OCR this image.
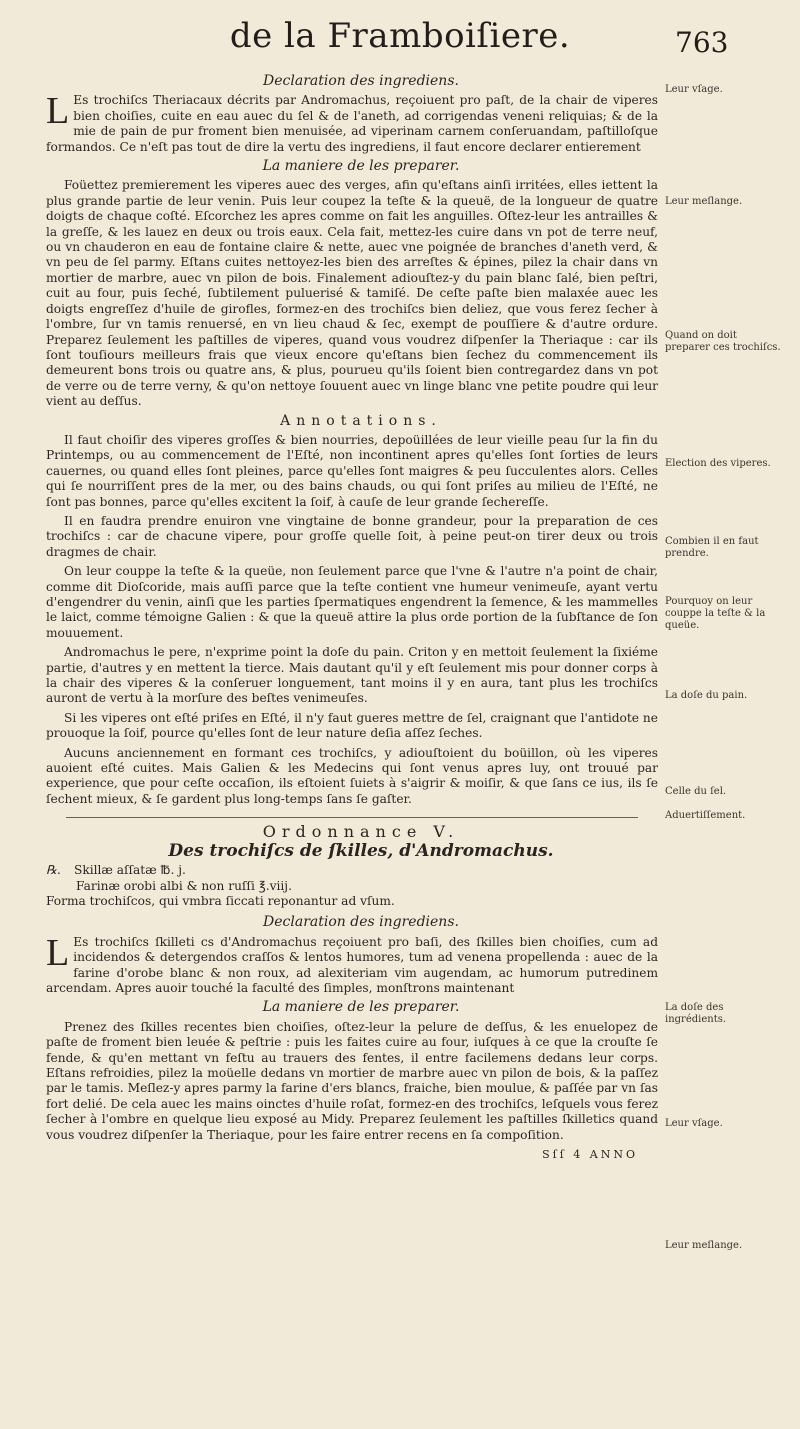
de la Framboiſiere.	763

Declaration des ingrediens.

L Es trochiſcs Theriacaux décrits par Andromachus, reçoiuent pro paſt, de la chair de viperes bien choiſies, cuite en eau auec du ſel & de l'aneth, ad corrigendas veneni reliquias; & de la mie de pain de pur froment bien menuisée, ad viperinam carnem conſeruandam, paſtilloſque formandos. Ce n'eſt pas tout de dire la vertu des ingrediens, il faut encore declarer entierement

La maniere de les preparer.

Foüettez premierement les viperes auec des verges, afin qu'eſtans ainſi irritées, elles iettent la plus grande partie de leur venin. Puis leur coupez la teſte & la queuë, de la longueur de quatre doigts de chaque coſté. Eſcorchez les apres comme on fait les anguilles. Oſtez-leur les antrailles & la greſſe, & les lauez en deux ou trois eaux. Cela fait, mettez-les cuire dans vn pot de terre neuf, ou vn chauderon en eau de fontaine claire & nette, auec vne poignée de branches d'aneth verd, & vn peu de ſel parmy. Eſtans cuites nettoyez-les bien des arreſtes & épines, pilez la chair dans vn mortier de marbre, auec vn pilon de bois. Finalement adiouſtez-y du pain blanc ſalé, bien peſtri, cuit au four, puis ſeché, ſubtilement puluerisé & tamiſé. De ceſte paſte bien malaxée auec les doigts engreſſez d'huile de girofles, formez-en des trochiſcs bien deliez, que vous ferez ſecher à l'ombre, ſur vn tamis renuersé, en vn lieu chaud & ſec, exempt de pouſſiere & d'autre ordure. Preparez ſeulement les paſtilles de viperes, quand vous voudrez diſpenſer la Theriaque : car ils ſont touſiours meilleurs frais que vieux encore qu'eſtans bien ſechez du commencement ils demeurent bons trois ou quatre ans, & plus, pourueu qu'ils ſoient bien contregardez dans vn pot de verre ou de terre verny, & qu'on nettoye ſouuent auec vn linge blanc vne petite poudre qui leur vient au deſſus.

Annotations.

Il faut choiſir des viperes groſſes & bien nourries, depoüillées de leur vieille peau ſur la fin du Printemps, ou au commencement de l'Eſté, non incontinent apres qu'elles ſont ſorties de leurs cauernes, ou quand elles ſont pleines, parce qu'elles ſont maigres & peu ſucculentes alors. Celles qui ſe nourriſſent pres de la mer, ou des bains chauds, ou qui ſont priſes au milieu de l'Eſté, ne ſont pas bonnes, parce qu'elles excitent la ſoif, à cauſe de leur grande ſechereſſe.

Il en faudra prendre enuiron vne vingtaine de bonne grandeur, pour la preparation de ces trochiſcs : car de chacune vipere, pour groſſe quelle ſoit, à peine peut-on tirer deux ou trois dragmes de chair.

On leur couppe la teſte & la queüe, non ſeulement parce que l'vne & l'autre n'a point de chair, comme dit Dioſcoride, mais auſſi parce que la teſte contient vne humeur venimeuſe, ayant vertu d'engendrer du venin, ainſi que les parties ſpermatiques engendrent la ſemence, & les mammelles le laict, comme témoigne Galien : & que la queuë attire la plus orde portion de la ſubſtance de ſon mouuement.

Andromachus le pere, n'exprime point la doſe du pain. Criton y en mettoit ſeulement la ſixiéme partie, d'autres y en mettent la tierce. Mais dautant qu'il y eſt ſeulement mis pour donner corps à la chair des viperes & la conſeruer longuement, tant moins il y en aura, tant plus les trochiſcs auront de vertu à la morſure des beſtes venimeuſes.

Si les viperes ont eſté priſes en Eſté, il n'y faut gueres mettre de ſel, craignant que l'antidote ne prouoque la ſoif, pource qu'elles ſont de leur nature deſia aſſez ſeches.

Aucuns anciennement en formant ces trochiſcs, y adiouſtoient du boüillon, où les viperes auoient eſté cuites. Mais Galien & les Medecins qui ſont venus apres luy, ont trouué par experience, que pour ceſte occaſion, ils eſtoient ſuiets à s'aigrir & moiſir, & que ſans ce ius, ils ſe ſechent mieux, & ſe gardent plus long-temps ſans ſe gaſter.

Ordonnance V.

Des trochiſcs de ſkilles, d'Andromachus.

℞. Skillæ aſſatæ ℔. j.
Farinæ orobi albi & non ruſſi ℥.viij.
Forma trochiſcos, qui vmbra ſiccati reponantur ad vſum.

Declaration des ingrediens.

L Es trochiſcs ſkilleti cs d'Andromachus reçoiuent pro baſi, des ſkilles bien choiſies, cum ad incidendos & detergendos craſſos & lentos humores, tum ad venena propellenda : auec de la farine d'orobe blanc & non roux, ad alexiteriam vim augendam, ac humorum putredinem arcendam. Apres auoir touché la faculté des ſimples, monſtrons maintenant

La maniere de les preparer.

Prenez des ſkilles recentes bien choiſies, oſtez-leur la pelure de deſſus, & les enuelopez de paſte de froment bien leuée & peſtrie : puis les faites cuire au four, iuſques à ce que la crouſte ſe fende, & qu'en mettant vn feſtu au trauers des fentes, il entre facilemens dedans leur corps. Eſtans refroidies, pilez la moüelle dedans vn mortier de marbre auec vn pilon de bois, & la paſſez par le tamis. Meſlez-y apres parmy la farine d'ers blancs, fraiche, bien moulue, & paſſée par vn ſas fort delié. De cela auec les mains oinctes d'huile roſat, formez-en des trochiſcs, leſquels vous ferez ſecher à l'ombre en quelque lieu exposé au Midy. Preparez ſeulement les paſtilles ſkilletics quand vous voudrez diſpenſer la Theriaque, pour les faire entrer recens en ſa compoſition.

Sſſ 4 ANNO
Leur vſage.
Leur meſlange.
Quand on doit preparer ces trochiſcs.
Election des viperes.
Combien il en faut prendre.
Pourquoy on leur couppe la teſte & la queüe.
La doſe du pain.
Celle du ſel.
Aduertiſſement.
La doſe des ingrédients.
Leur vſage.
Leur meſlange.
